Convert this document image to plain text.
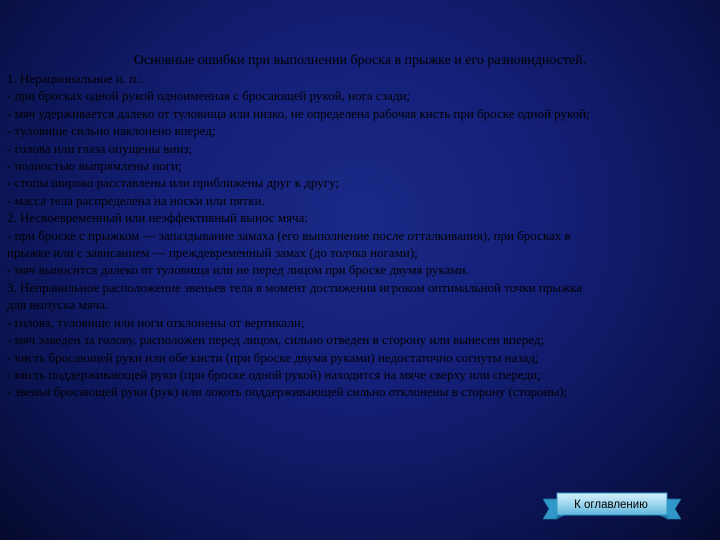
Основные ошибки при выполнении броска в прыжке и его разновидностей.
1. Нерациональное и. п.:
- при бросках одной рукой одноименная с бросающей рукой, нога сзади;
- мяч удерживается далеко от туловища или низко, не определена рабочая кисть при броске одной рукой;
- туловище сильно наклонено вперед;
- голова или глаза опущены вниз;
- полностью выпрямлены ноги;
- стопы широко расставлены или приближены друг к другу;
- масса тела распределена на носки или пятки.
2. Несвоевременный или неэффективный вынос мяча:
- при броске с прыжком — запаздывание замаха (его выполнение после отталкивания), при бросках в
прыжке или с зависанием — преждевременный замах (до толчка ногами);
- мяч выносится далеко от туловища или не перед лицом при броске двумя руками.
3. Неправильное расположение звеньев тела в момент достижения игроком оптимальной точки прыжка
для выпуска мяча:
- голова, туловище или ноги отклонены от вертикали;
- мяч заведен за голову, расположен перед лицом, сильно отведен в сторону или вынесен вперед;
- кисть бросающей руки или обе кисти (при броске двумя руками) недостаточно согнуты назад;
- кисть поддерживающей руки (при броске одной рукой) находится на мяче сверху или спереди;
- звенья бросающей руки (рук) или локоть поддерживающей сильно отклонены в сторону (стороны);
К оглавлению
